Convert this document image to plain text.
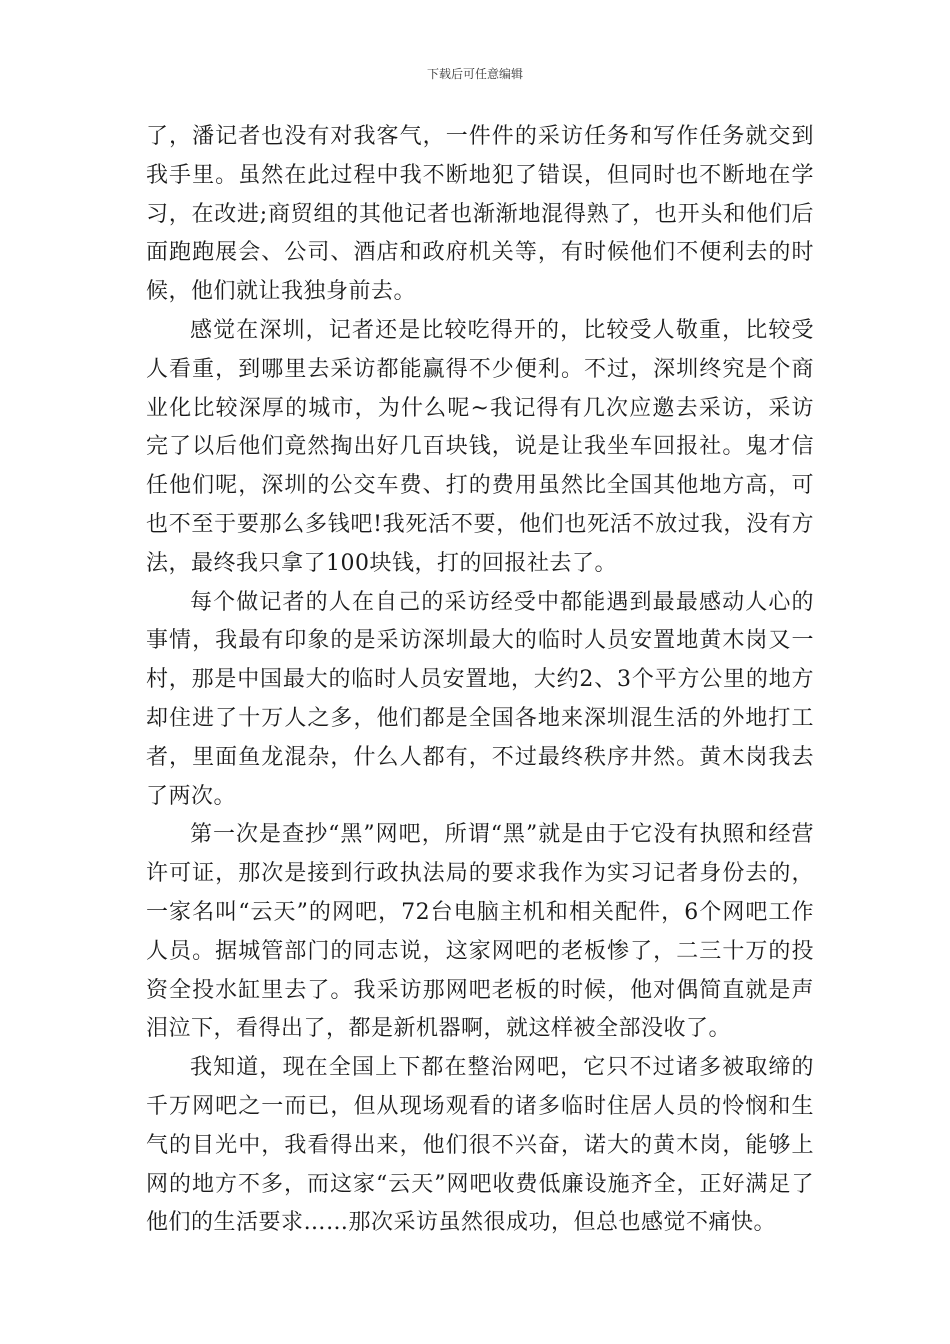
下载后可任意编辑

了，潘记者也没有对我客气，一件件的采访任务和写作任务就交到我手里。虽然在此过程中我不断地犯了错误，但同时也不断地在学习，在改进;商贸组的其他记者也渐渐地混得熟了，也开头和他们后面跑跑展会、公司、酒店和政府机关等，有时候他们不便利去的时候，他们就让我独身前去。

感觉在深圳，记者还是比较吃得开的，比较受人敬重，比较受人看重，到哪里去采访都能赢得不少便利。不过，深圳终究是个商业化比较深厚的城市，为什么呢~我记得有几次应邀去采访，采访完了以后他们竟然掏出好几百块钱，说是让我坐车回报社。鬼才信任他们呢，深圳的公交车费、打的费用虽然比全国其他地方高，可也不至于要那么多钱吧!我死活不要，他们也死活不放过我，没有方法，最终我只拿了100块钱，打的回报社去了。

每个做记者的人在自己的采访经受中都能遇到最最感动人心的事情，我最有印象的是采访深圳最大的临时人员安置地黄木岗又一村，那是中国最大的临时人员安置地，大约2、3个平方公里的地方却住进了十万人之多，他们都是全国各地来深圳混生活的外地打工者，里面鱼龙混杂，什么人都有，不过最终秩序井然。黄木岗我去了两次。

第一次是查抄“黑”网吧，所谓“黑”就是由于它没有执照和经营许可证，那次是接到行政执法局的要求我作为实习记者身份去的，一家名叫“云天”的网吧，72台电脑主机和相关配件，6个网吧工作人员。据城管部门的同志说，这家网吧的老板惨了，二三十万的投资全投水缸里去了。我采访那网吧老板的时候，他对偶简直就是声泪泣下，看得出了，都是新机器啊，就这样被全部没收了。

我知道，现在全国上下都在整治网吧，它只不过诸多被取缔的千万网吧之一而已，但从现场观看的诸多临时住居人员的怜悯和生气的目光中，我看得出来，他们很不兴奋，诺大的黄木岗，能够上网的地方不多，而这家“云天”网吧收费低廉设施齐全，正好满足了他们的生活要求……那次采访虽然很成功，但总也感觉不痛快。
